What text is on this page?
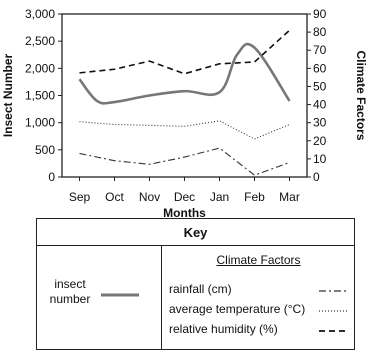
0
500
1,000
1,500
2,000
2,500
3,000
0
10
20
30
40
50
60
70
80
90
Sep Oct Nov Dec Jan Feb Mar
Months
Insect Number	Climate Factors
Key
insect
number
Climate Factors
rainfall (cm)
average temperature (°C)
relative humidity (%)
